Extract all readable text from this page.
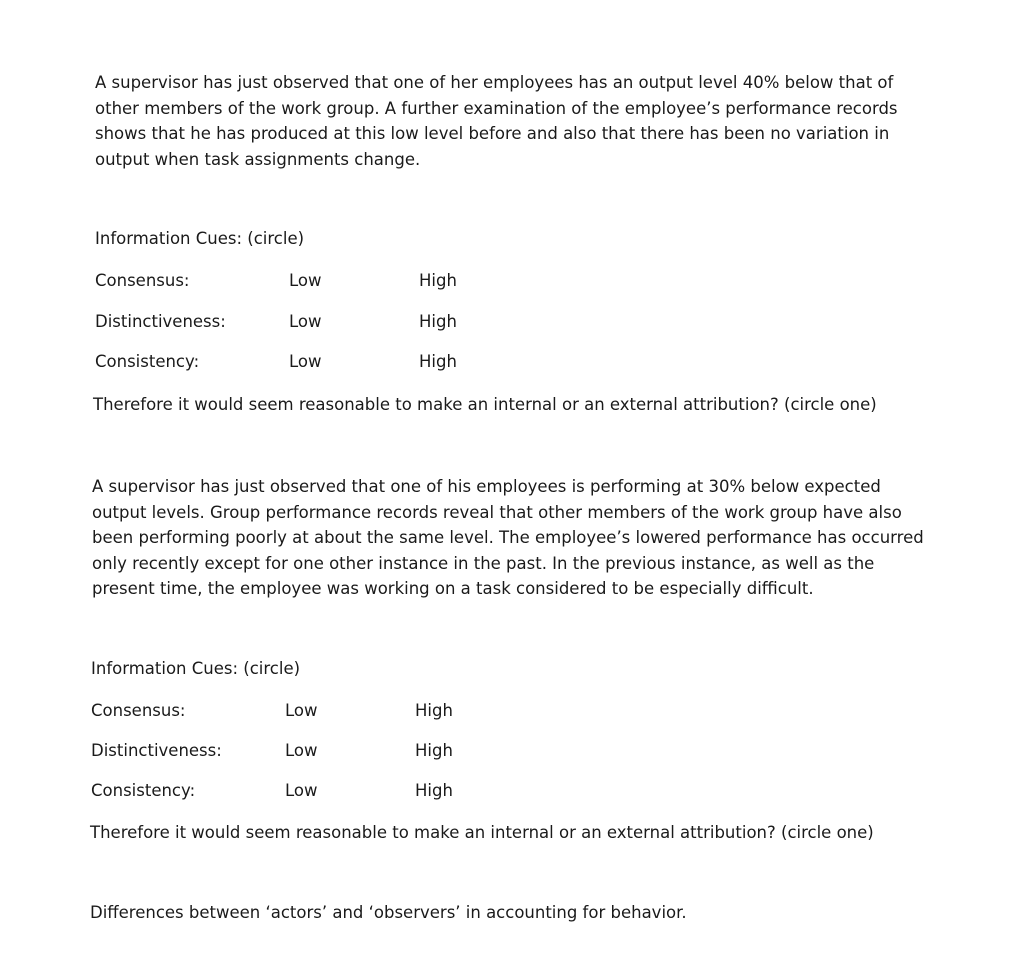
A supervisor has just observed that one of her employees has an output level 40% below that of other members of the work group. A further examination of the employee’s performance records shows that he has produced at this low level before and also that there has been no variation in output when task assignments change.

Information Cues: (circle)

Consensus:	Low	High
Distinctiveness:	Low	High
Consistency:	Low	High

Therefore it would seem reasonable to make an internal or an external attribution? (circle one)

A supervisor has just observed that one of his employees is performing at 30% below expected output levels. Group performance records reveal that other members of the work group have also been performing poorly at about the same level. The employee’s lowered performance has occurred only recently except for one other instance in the past. In the previous instance, as well as the present time, the employee was working on a task considered to be especially difficult.

Information Cues: (circle)

Consensus:	Low	High
Distinctiveness:	Low	High
Consistency:	Low	High

Therefore it would seem reasonable to make an internal or an external attribution? (circle one)

Differences between ‘actors’ and ‘observers’ in accounting for behavior.
